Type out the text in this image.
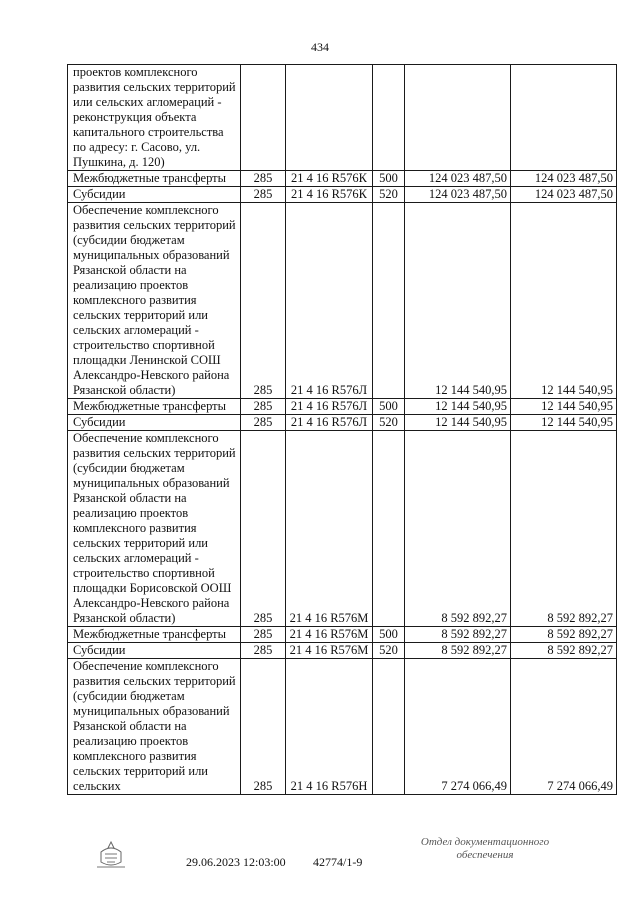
434
проектов комплексного развития сельских территорий или сельских агломераций - реконструкция объекта капитального строительства по адресу: г. Сасово, ул. Пушкина, д. 120)					
Межбюджетные трансферты	285	21 4 16 R576К	500	124 023 487,50	124 023 487,50
Субсидии	285	21 4 16 R576К	520	124 023 487,50	124 023 487,50
Обеспечение комплексного развития сельских территорий (субсидии бюджетам муниципальных образований Рязанской области на реализацию проектов комплексного развития сельских территорий или сельских агломераций - строительство спортивной площадки Ленинской СОШ Александро-Невского района Рязанской области)	285	21 4 16 R576Л		12 144 540,95	12 144 540,95
Межбюджетные трансферты	285	21 4 16 R576Л	500	12 144 540,95	12 144 540,95
Субсидии	285	21 4 16 R576Л	520	12 144 540,95	12 144 540,95
Обеспечение комплексного развития сельских территорий (субсидии бюджетам муниципальных образований Рязанской области на реализацию проектов комплексного развития сельских территорий или сельских агломераций - строительство спортивной площадки Борисовской ООШ Александро-Невского района Рязанской области)	285	21 4 16 R576М		8 592 892,27	8 592 892,27
Межбюджетные трансферты	285	21 4 16 R576М	500	8 592 892,27	8 592 892,27
Субсидии	285	21 4 16 R576М	520	8 592 892,27	8 592 892,27
Обеспечение комплексного развития сельских территорий (субсидии бюджетам муниципальных образований Рязанской области на реализацию проектов комплексного развития сельских территорий или сельских	285	21 4 16 R576Н		7 274 066,49	7 274 066,49
29.06.2023 12:03:00 42774/1-9
Отдел документационного
обеспечения
